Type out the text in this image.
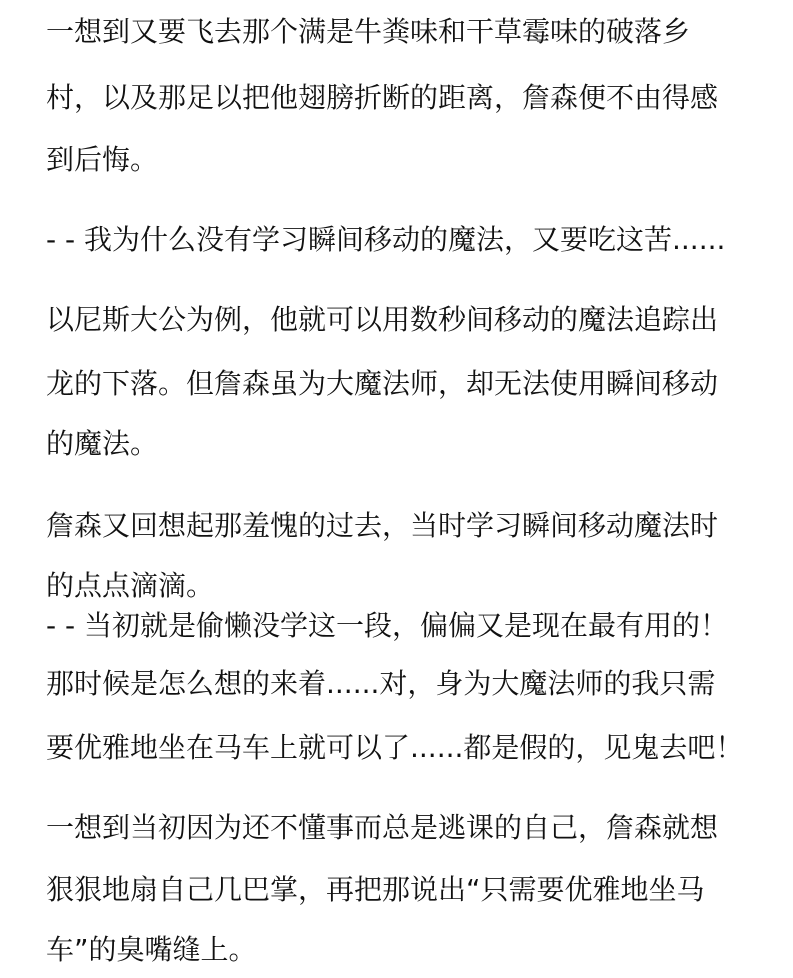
一想到又要飞去那个满是牛粪味和干草霉味的破落乡

村，以及那足以把他翅膀折断的距离，詹森便不由得感

到后悔。

- - 我为什么没有学习瞬间移动的魔法，又要吃这苦......

以尼斯大公为例，他就可以用数秒间移动的魔法追踪出

龙的下落。但詹森虽为大魔法师，却无法使用瞬间移动

的魔法。

詹森又回想起那羞愧的过去，当时学习瞬间移动魔法时

的点点滴滴。

- - 当初就是偷懒没学这一段，偏偏又是现在最有用的！

那时候是怎么想的来着......对，身为大魔法师的我只需

要优雅地坐在马车上就可以了......都是假的，见鬼去吧！

一想到当初因为还不懂事而总是逃课的自己，詹森就想

狠狠地扇自己几巴掌，再把那说出“只需要优雅地坐马

车”的臭嘴缝上。
